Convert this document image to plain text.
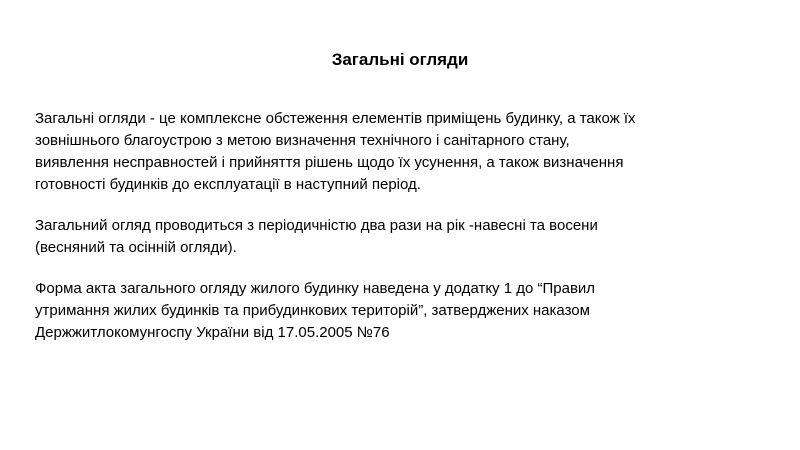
Загальні огляди

Загальні огляди - це комплексне обстеження елементів приміщень будинку, а також їх
зовнішнього благоустрою з метою визначення технічного і санітарного стану,
виявлення несправностей і прийняття рішень щодо їх усунення, а також визначення
готовності будинків до експлуатації в наступний період.

Загальний огляд проводиться з періодичністю два рази на рік -навесні та восени
(весняний та осінній огляди).

Форма акта загального огляду жилого будинку наведена у додатку 1 до “Правил
утримання жилих будинків та прибудинкових територій”, затверджених наказом
Держжитлокомунгоспу України від 17.05.2005 №76
